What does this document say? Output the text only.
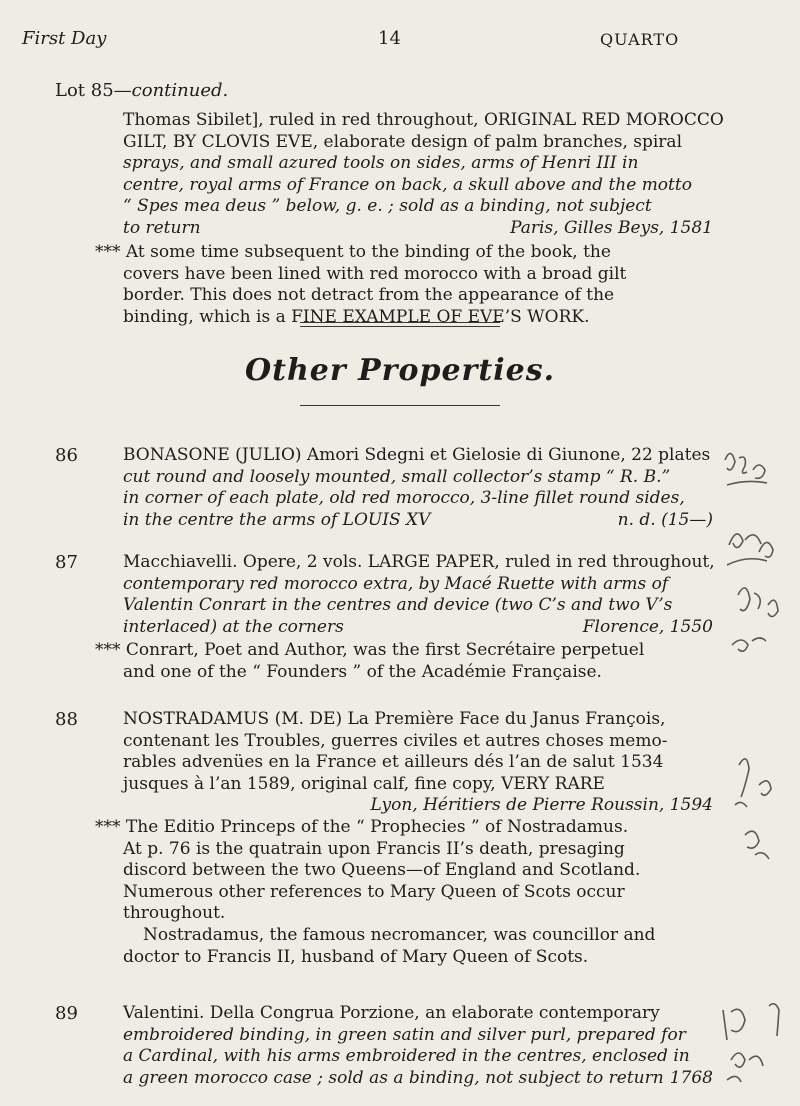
First Day	14	QUARTO
Lot 85—continued.
Thomas Sibilet], ruled in red throughout, ORIGINAL RED MOROCCO
GILT, BY CLOVIS EVE, elaborate design of palm branches, spiral
sprays, and small azured tools on sides, arms of Henri III in
centre, royal arms of France on back, a skull above and the motto
“ Spes mea deus ” below, g. e. ; sold as a binding, not subject
to return	Paris, Gilles Beys, 1581
*** At some time subsequent to the binding of the book, the
covers have been lined with red morocco with a broad gilt
border. This does not detract from the appearance of the
binding, which is a FINE EXAMPLE OF EVE’S WORK.
Other Properties.
86	BONASONE (JULIO) Amori Sdegni et Gielosie di Giunone, 22 plates
cut round and loosely mounted, small collector’s stamp “ R. B.”
in corner of each plate, old red morocco, 3-line fillet round sides,
in the centre the arms of LOUIS XV	n. d. (15—)
87	Macchiavelli. Opere, 2 vols. LARGE PAPER, ruled in red throughout,
contemporary red morocco extra, by Macé Ruette with arms of
Valentin Conrart in the centres and device (two C’s and two V’s
interlaced) at the corners	Florence, 1550
*** Conrart, Poet and Author, was the first Secrétaire perpetuel
and one of the “ Founders ” of the Académie Française.
88	NOSTRADAMUS (M. DE) La Première Face du Janus François,
contenant les Troubles, guerres civiles et autres choses memo-
rables advenües en la France et ailleurs dés l’an de salut 1534
jusques à l’an 1589, original calf, fine copy, VERY RARE
Lyon, Héritiers de Pierre Roussin, 1594
*** The Editio Princeps of the “ Prophecies ” of Nostradamus.
At p. 76 is the quatrain upon Francis II’s death, presaging
discord between the two Queens—of England and Scotland.
Numerous other references to Mary Queen of Scots occur
throughout.
Nostradamus, the famous necromancer, was councillor and
doctor to Francis II, husband of Mary Queen of Scots.
89	Valentini. Della Congrua Porzione, an elaborate contemporary
embroidered binding, in green satin and silver purl, prepared for
a Cardinal, with his arms embroidered in the centres, enclosed in
a green morocco case ; sold as a binding, not subject to return 1768
